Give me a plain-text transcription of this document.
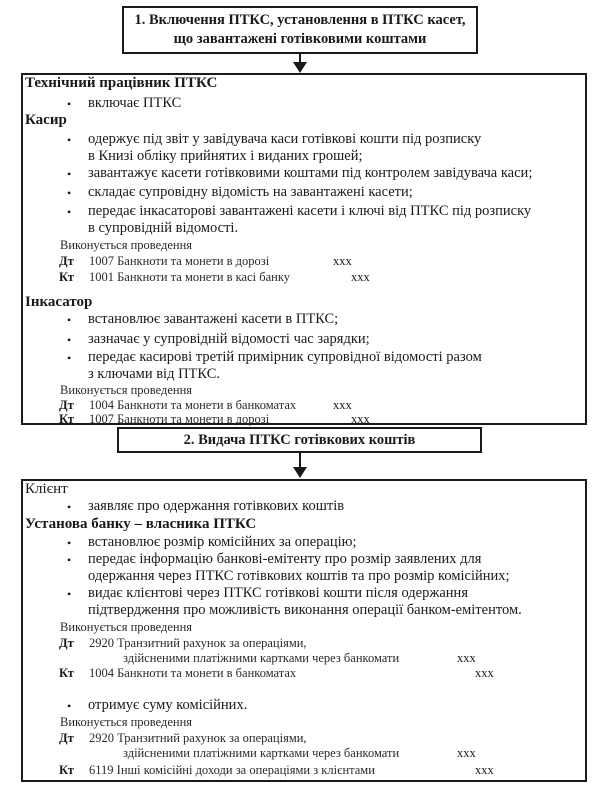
1. Включення ПТКС, установлення в ПТКС касет,
що завантажені готівковими коштами
Технічний працівник ПТКС
• включає ПТКС
Касир
• одержує під звіт у завідувача каси готівкові кошти під розписку
в Книзі обліку прийнятих і виданих грошей;
• завантажує касети готівковими коштами під контролем завідувача каси;
• складає супровідну відомість на завантажені касети;
• передає інкасаторові завантажені касети і ключі від ПТКС під розписку
в супровідній відомості.
Виконується проведення
Дт 1007 Банкноти та монети в дорозі	ххх
Кт 1001 Банкноти та монети в касі банку	ххх
Інкасатор
• встановлює завантажені касети в ПТКС;
• зазначає у супровідній відомості час зарядки;
• передає касирові третій примірник супровідної відомості разом
з ключами від ПТКС.
Виконується проведення
Дт 1004 Банкноти та монети в банкоматах	ххх
Кт 1007 Банкноти та монети в дорозі	ххх
2. Видача ПТКС готівкових коштів
Клієнт
• заявляє про одержання готівкових коштів
Установа банку – власника ПТКС
• встановлює розмір комісійних за операцію;
• передає інформацію банкові-емітенту про розмір заявлених для
одержання через ПТКС готівкових коштів та про розмір комісійних;
• видає клієнтові через ПТКС готівкові кошти після одержання
підтвердження про можливість виконання операції банком-емітентом.
Виконується проведення
Дт 2920 Транзитний рахунок за операціями,
здійсненими платіжними картками через банкомати	ххх
Кт 1004 Банкноти та монети в банкоматах	ххх
• отримує суму комісійних.
Виконується проведення
Дт 2920 Транзитний рахунок за операціями,
здійсненими платіжними картками через банкомати	ххх
Кт 6119 Інші комісійні доходи за операціями з клієнтами	ххх
